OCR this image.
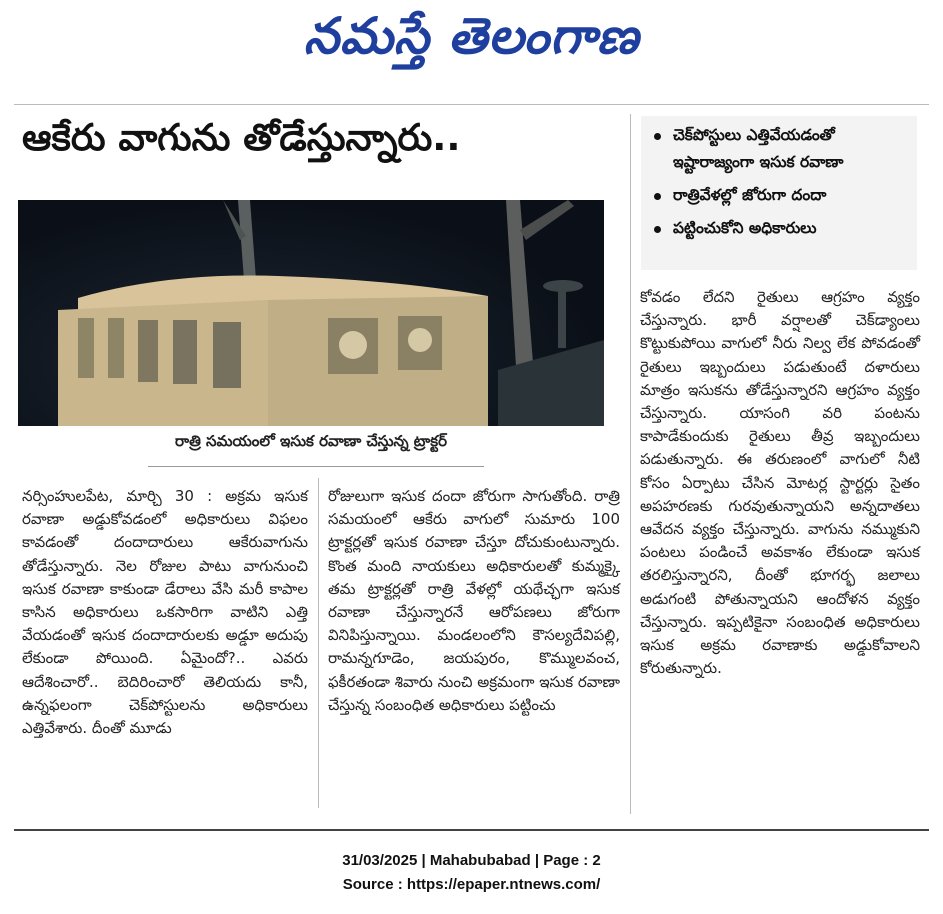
నమస్తే తెలంగాణ
ఆకేరు వాగును తోడేస్తున్నారు..	చెక్‌పోస్టులు ఎత్తివేయడంతో ఇష్టారాజ్యంగా ఇసుక రవాణా
రాత్రివేళల్లో జోరుగా దందా
పట్టించుకోని అధికారులు
రాత్రి సమయంలో ఇసుక రవాణా చేస్తున్న ట్రాక్టర్

నర్సింహులపేట, మార్చి 30 : అక్రమ ఇసుక రవాణా అడ్డుకోవడంలో అధికారులు విఫలం కావడంతో దందాదారులు ఆకేరువాగును తోడేస్తున్నారు. నెల రోజుల పాటు వాగునుంచి ఇసుక రవాణా కాకుండా డేరాలు వేసి మరీ కాపాల కాసిన అధికారులు ఒకసారిగా వాటిని ఎత్తి వేయడంతో ఇసుక దందాదారులకు అడ్డూ అదుపు లేకుండా పోయింది. ఏమైందో?.. ఎవరు ఆదేశించారో.. బెదిరించారో తెలియదు కానీ, ఉన్నఫలంగా చెక్‌పోస్టులను అధికారులు ఎత్తివేశారు. దీంతో మూడు

రోజులుగా ఇసుక దందా జోరుగా సాగుతోంది. రాత్రి సమయంలో ఆకేరు వాగులో సుమారు 100 ట్రాక్టర్లతో ఇసుక రవాణా చేస్తూ దోచుకుంటున్నారు. కొంత మంది నాయకులు అధికారులతో కుమ్మక్కై తమ ట్రాక్టర్లతో రాత్రి వేళల్లో యథేచ్ఛగా ఇసుక రవాణా చేస్తున్నారనే ఆరోపణలు జోరుగా వినిపిస్తున్నాయి. మండలంలోని కౌసల్యదేవిపల్లి, రామన్నగూడెం, జయపురం, కొమ్ములవంచ, ఫకీరతండా శివారు నుంచి అక్రమంగా ఇసుక రవాణా చేస్తున్న సంబంధిత అధికారులు పట్టించు

కోవడం లేదని రైతులు ఆగ్రహం వ్యక్తం చేస్తున్నారు. భారీ వర్షాలతో చెక్‌డ్యాంలు కొట్టుకుపోయి వాగులో నీరు నిల్వ లేక పోవడంతో రైతులు ఇబ్బందులు పడుతుంటే దళారులు మాత్రం ఇసుకను తోడేస్తున్నారని ఆగ్రహం వ్యక్తం చేస్తున్నారు. యాసంగి వరి పంటను కాపాడేకుందుకు రైతులు తీవ్ర ఇబ్బందులు పడుతున్నారు. ఈ తరుణంలో వాగులో నీటి కోసం ఏర్పాటు చేసిన మోటర్ల స్టార్టర్లు సైతం అపహరణకు గురవుతున్నాయని అన్నదాతలు ఆవేదన వ్యక్తం చేస్తున్నారు. వాగును నమ్ముకుని పంటలు పండించే అవకాశం లేకుండా ఇసుక తరలిస్తున్నారని, దీంతో భూగర్భ జలాలు అడుగంటి పోతున్నాయని ఆందోళన వ్యక్తం చేస్తున్నారు. ఇప్పటికైనా సంబంధిత అధికారులు ఇసుక అక్రమ రవాణాకు అడ్డుకోవాలని కోరుతున్నారు.

31/03/2025 | Mahabubabad | Page : 2
Source : https://epaper.ntnews.com/
